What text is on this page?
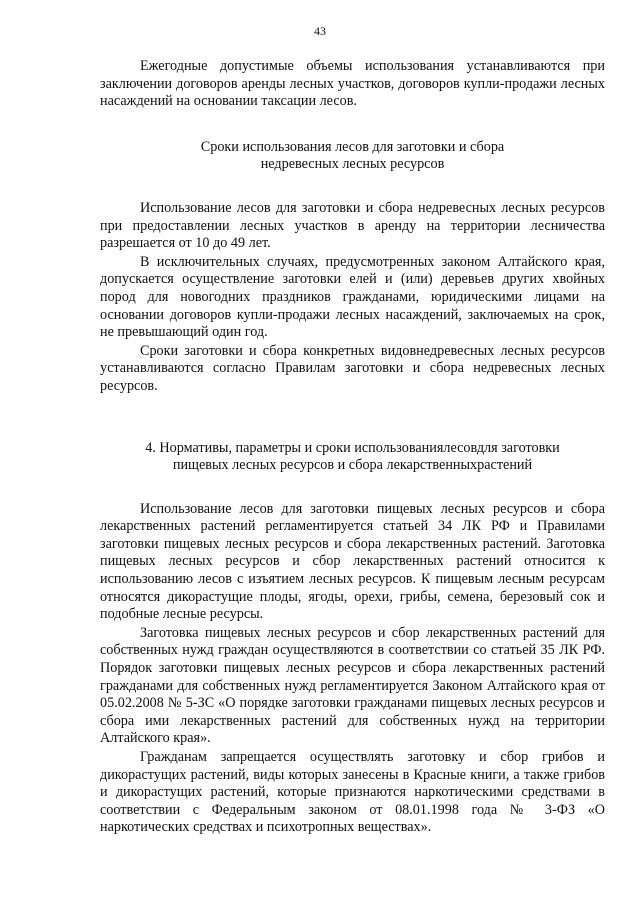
43

Ежегодные допустимые объемы использования устанавливаются при заключении договоров аренды лесных участков, договоров купли-продажи лесных насаждений на основании таксации лесов.

Сроки использования лесов для заготовки и сбора
недревесных лесных ресурсов

Использование лесов для заготовки и сбора недревесных лесных ресурсов при предоставлении лесных участков в аренду на территории лесничества разрешается от 10 до 49 лет.

В исключительных случаях, предусмотренных законом Алтайского края, допускается осуществление заготовки елей и (или) деревьев других хвойных пород для новогодних праздников гражданами, юридическими лицами на основании договоров купли-продажи лесных насаждений, заключаемых на срок, не превышающий один год.

Сроки заготовки и сбора конкретных видовнедревесных лесных ресурсов устанавливаются согласно Правилам заготовки и сбора недревесных лесных ресурсов.

4. Нормативы, параметры и сроки использованиялесовдля заготовки
пищевых лесных ресурсов и сбора лекарственныхрастений

Использование лесов для заготовки пищевых лесных ресурсов и сбора лекарственных растений регламентируется статьей 34 ЛК РФ и Правилами заготовки пищевых лесных ресурсов и сбора лекарственных растений. Заготовка пищевых лесных ресурсов и сбор лекарственных растений относится к использованию лесов с изъятием лесных ресурсов. К пищевым лесным ресурсам относятся дикорастущие плоды, ягоды, орехи, грибы, семена, березовый сок и подобные лесные ресурсы.

Заготовка пищевых лесных ресурсов и сбор лекарственных растений для собственных нужд граждан осуществляются в соответствии со статьей 35 ЛК РФ. Порядок заготовки пищевых лесных ресурсов и сбора лекарственных растений гражданами для собственных нужд регламентируется Законом Алтайского края от 05.02.2008 № 5-ЗС «О порядке заготовки гражданами пищевых лесных ресурсов и сбора ими лекарственных растений для собственных нужд на территории Алтайского края».

Гражданам запрещается осуществлять заготовку и сбор грибов и дикорастущих растений, виды которых занесены в Красные книги, а также грибов и дикорастущих растений, которые признаются наркотическими средствами в соответствии с Федеральным законом от 08.01.1998 года № 3-ФЗ «О наркотических средствах и психотропных веществах».
